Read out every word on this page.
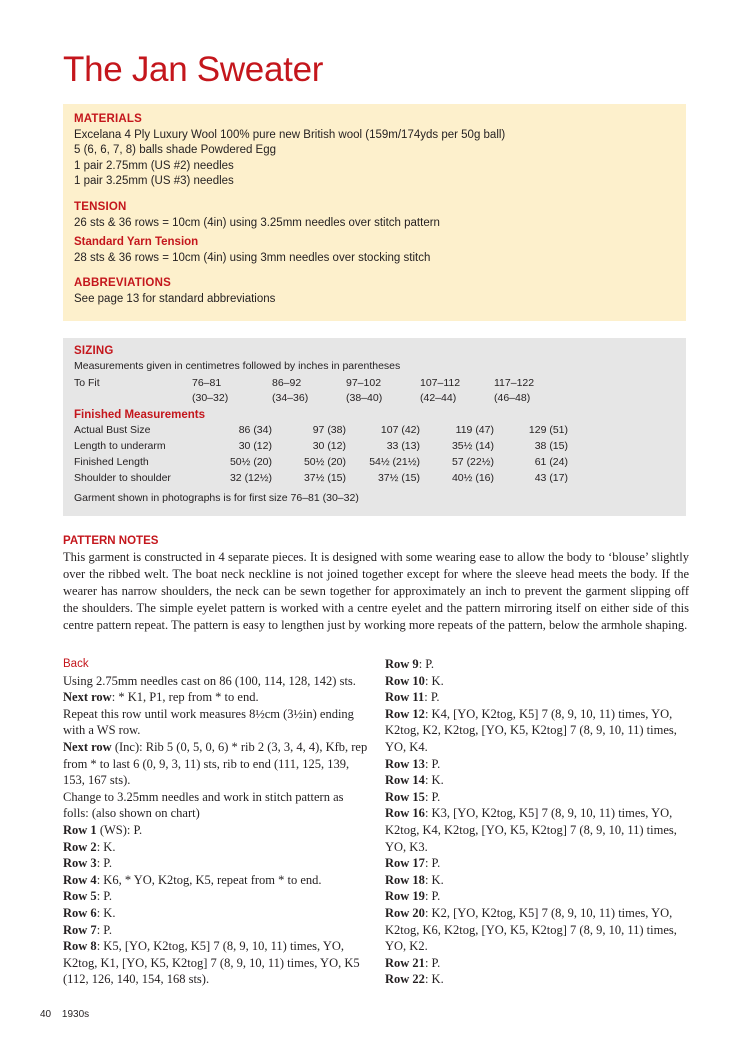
The Jan Sweater
MATERIALS
Excelana 4 Ply Luxury Wool 100% pure new British wool (159m/174yds per 50g ball)
5 (6, 6, 7, 8) balls shade Powdered Egg
1 pair 2.75mm (US #2) needles
1 pair 3.25mm (US #3) needles
TENSION
26 sts & 36 rows = 10cm (4in) using 3.25mm needles over stitch pattern
Standard Yarn Tension
28 sts & 36 rows = 10cm (4in) using 3mm needles over stocking stitch
ABBREVIATIONS
See page 13 for standard abbreviations
SIZING
Measurements given in centimetres followed by inches in parentheses
To Fit	76–81	86–92	97–102	107–112	117–122
	(30–32)	(34–36)	(38–40)	(42–44)	(46–48)
Finished Measurements					
Actual Bust Size	86 (34)	97 (38)	107 (42)	119 (47)	129 (51)
Length to underarm	30 (12)	30 (12)	33 (13)	35½ (14)	38 (15)
Finished Length	50½ (20)	50½ (20)	54½ (21½)	57 (22½)	61 (24)
Shoulder to shoulder	32 (12½)	37½ (15)	37½ (15)	40½ (16)	43 (17)
Garment shown in photographs is for first size 76–81 (30–32)
PATTERN NOTES
This garment is constructed in 4 separate pieces. It is designed with some wearing ease to allow the body to ‘blouse’ slightly over the ribbed welt. The boat neck neckline is not joined together except for where the sleeve head meets the body. If the wearer has narrow shoulders, the neck can be sewn together for approximately an inch to prevent the garment slipping off the shoulders. The simple eyelet pattern is worked with a centre eyelet and the pattern mirroring itself on either side of this centre pattern repeat. The pattern is easy to lengthen just by working more repeats of the pattern, below the armhole shaping.
Back
Using 2.75mm needles cast on 86 (100, 114, 128, 142) sts.
Next row: * K1, P1, rep from * to end.
Repeat this row until work measures 8½cm (3½in) ending with a WS row.
Next row (Inc): Rib 5 (0, 5, 0, 6) * rib 2 (3, 3, 4, 4), Kfb, rep from * to last 6 (0, 9, 3, 11) sts, rib to end (111, 125, 139, 153, 167 sts).
Change to 3.25mm needles and work in stitch pattern as folls: (also shown on chart)
Row 1 (WS): P.
Row 2: K.
Row 3: P.
Row 4: K6, * YO, K2tog, K5, repeat from * to end.
Row 5: P.
Row 6: K.
Row 7: P.
Row 8: K5, [YO, K2tog, K5] 7 (8, 9, 10, 11) times, YO, K2tog, K1, [YO, K5, K2tog] 7 (8, 9, 10, 11) times, YO, K5 (112, 126, 140, 154, 168 sts).
Row 9: P.
Row 10: K.
Row 11: P.
Row 12: K4, [YO, K2tog, K5] 7 (8, 9, 10, 11) times, YO, K2tog, K2, K2tog, [YO, K5, K2tog] 7 (8, 9, 10, 11) times, YO, K4.
Row 13: P.
Row 14: K.
Row 15: P.
Row 16: K3, [YO, K2tog, K5] 7 (8, 9, 10, 11) times, YO, K2tog, K4, K2tog, [YO, K5, K2tog] 7 (8, 9, 10, 11) times, YO, K3.
Row 17: P.
Row 18: K.
Row 19: P.
Row 20: K2, [YO, K2tog, K5] 7 (8, 9, 10, 11) times, YO, K2tog, K6, K2tog, [YO, K5, K2tog] 7 (8, 9, 10, 11) times, YO, K2.
Row 21: P.
Row 22: K.
40 1930s
